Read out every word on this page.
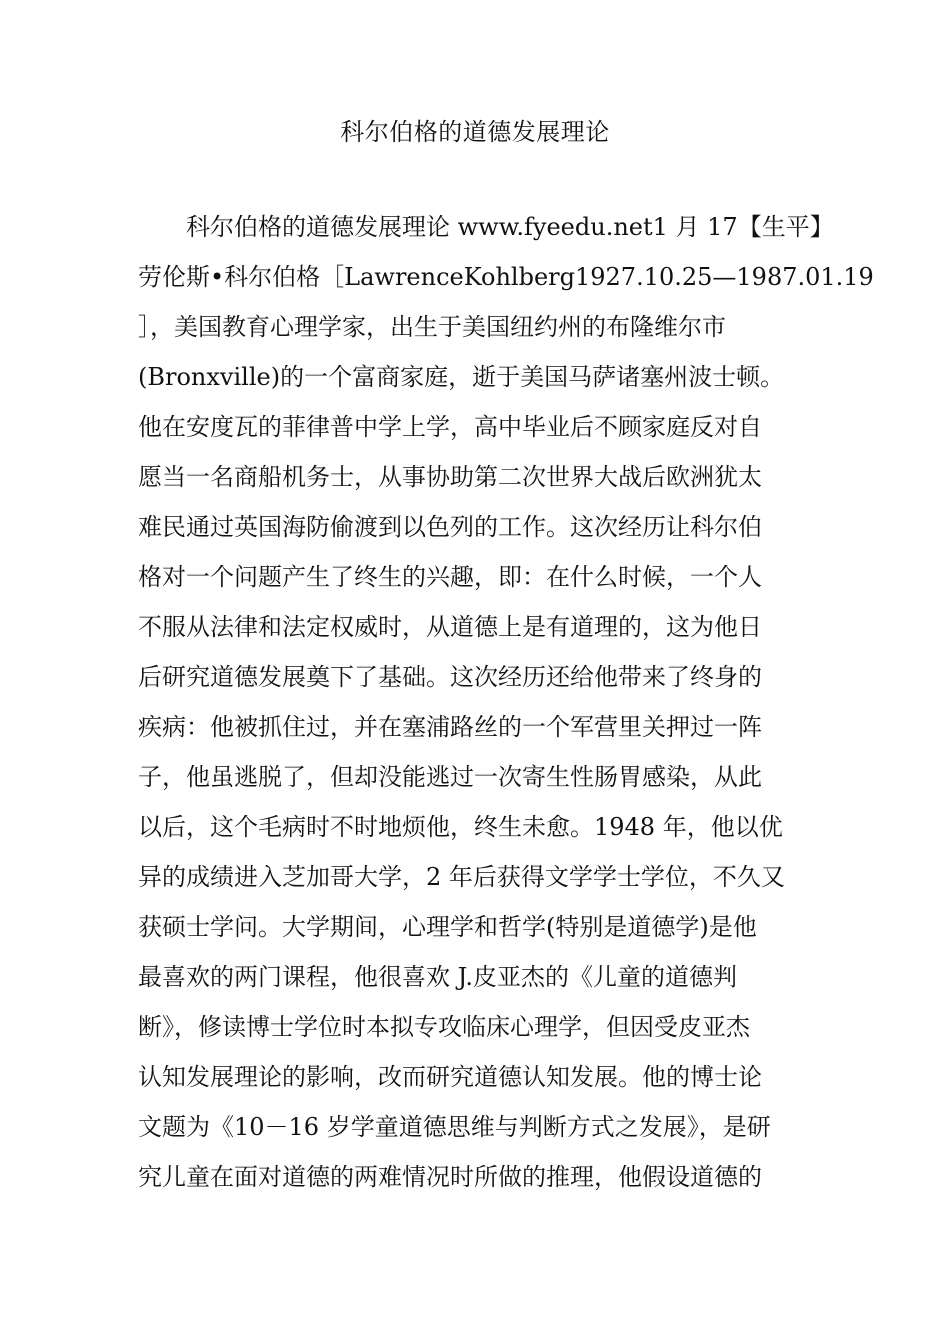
科尔伯格的道德发展理论
　　科尔伯格的道德发展理论 www.fyeedu.net1 月 17【生平】
劳伦斯•科尔伯格［LawrenceKohlberg1927.10.25—1987.01.19
］，美国教育心理学家，出生于美国纽约州的布隆维尔市
(Bronxville)的一个富商家庭，逝于美国马萨诸塞州波士顿。
他在安度瓦的菲律普中学上学，高中毕业后不顾家庭反对自
愿当一名商船机务士，从事协助第二次世界大战后欧洲犹太
难民通过英国海防偷渡到以色列的工作。这次经历让科尔伯
格对一个问题产生了终生的兴趣，即：在什么时候，一个人
不服从法律和法定权威时，从道德上是有道理的，这为他日
后研究道德发展奠下了基础。这次经历还给他带来了终身的
疾病：他被抓住过，并在塞浦路丝的一个军营里关押过一阵
子，他虽逃脱了，但却没能逃过一次寄生性肠胃感染，从此
以后，这个毛病时不时地烦他，终生未愈。1948 年，他以优
异的成绩进入芝加哥大学，2 年后获得文学学士学位，不久又
获硕士学问。大学期间，心理学和哲学(特别是道德学)是他
最喜欢的两门课程，他很喜欢 J.皮亚杰的《儿童的道德判
断》，修读博士学位时本拟专攻临床心理学，但因受皮亚杰
认知发展理论的影响，改而研究道德认知发展。他的博士论
文题为《10－16 岁学童道德思维与判断方式之发展》，是研
究儿童在面对道德的两难情况时所做的推理，他假设道德的
